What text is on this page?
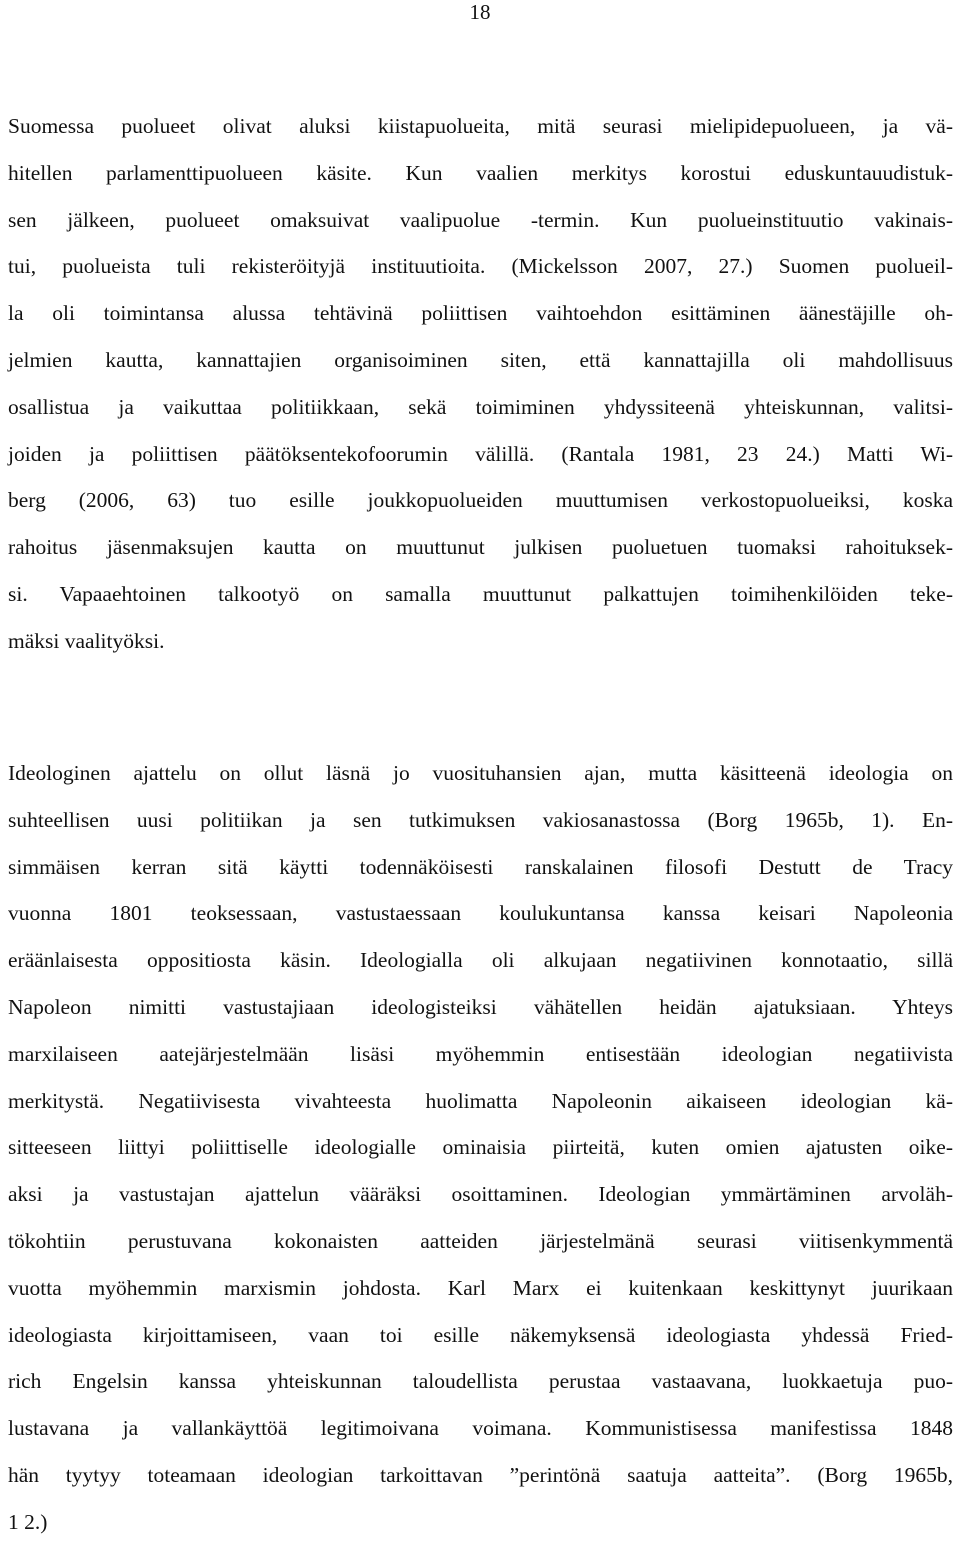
18
Suomessa puolueet olivat aluksi kiistapuolueita, mitä seurasi mielipidepuolueen, ja vä-
hitellen parlamenttipuolueen käsite. Kun vaalien merkitys korostui eduskuntauudistuk-
sen jälkeen, puolueet omaksuivat vaalipuolue -termin. Kun puolueinstituutio vakinais-
tui, puolueista tuli rekisteröityjä instituutioita. (Mickelsson 2007, 27.) Suomen puolueil-
la oli toimintansa alussa tehtävinä poliittisen vaihtoehdon esittäminen äänestäjille oh-
jelmien kautta, kannattajien organisoiminen siten, että kannattajilla oli mahdollisuus
osallistua ja vaikuttaa politiikkaan, sekä toimiminen yhdyssiteenä yhteiskunnan, valitsi-
joiden ja poliittisen päätöksentekofoorumin välillä. (Rantala 1981, 23 24.) Matti Wi-
berg (2006, 63) tuo esille joukkopuolueiden muuttumisen verkostopuolueiksi, koska
rahoitus jäsenmaksujen kautta on muuttunut julkisen puoluetuen tuomaksi rahoituksek-
si. Vapaaehtoinen talkootyö on samalla muuttunut palkattujen toimihenkilöiden teke-
mäksi vaalityöksi.
Ideologinen ajattelu on ollut läsnä jo vuosituhansien ajan, mutta käsitteenä ideologia on
suhteellisen uusi politiikan ja sen tutkimuksen vakiosanastossa (Borg 1965b, 1). En-
simmäisen kerran sitä käytti todennäköisesti ranskalainen filosofi Destutt de Tracy
vuonna 1801 teoksessaan, vastustaessaan koulukuntansa kanssa keisari Napoleonia
eräänlaisesta oppositiosta käsin. Ideologialla oli alkujaan negatiivinen konnotaatio, sillä
Napoleon nimitti vastustajiaan ideologisteiksi vähätellen heidän ajatuksiaan. Yhteys
marxilaiseen aatejärjestelmään lisäsi myöhemmin entisestään ideologian negatiivista
merkitystä. Negatiivisesta vivahteesta huolimatta Napoleonin aikaiseen ideologian kä-
sitteeseen liittyi poliittiselle ideologialle ominaisia piirteitä, kuten omien ajatusten oike-
aksi ja vastustajan ajattelun vääräksi osoittaminen. Ideologian ymmärtäminen arvoläh-
tökohtiin perustuvana kokonaisten aatteiden järjestelmänä seurasi viitisenkymmentä
vuotta myöhemmin marxismin johdosta. Karl Marx ei kuitenkaan keskittynyt juurikaan
ideologiasta kirjoittamiseen, vaan toi esille näkemyksensä ideologiasta yhdessä Fried-
rich Engelsin kanssa yhteiskunnan taloudellista perustaa vastaavana, luokkaetuja puo-
lustavana ja vallankäyttöä legitimoivana voimana. Kommunistisessa manifestissa 1848
hän tyytyy toteamaan ideologian tarkoittavan ”perintönä saatuja aatteita”. (Borg 1965b,
1 2.)
